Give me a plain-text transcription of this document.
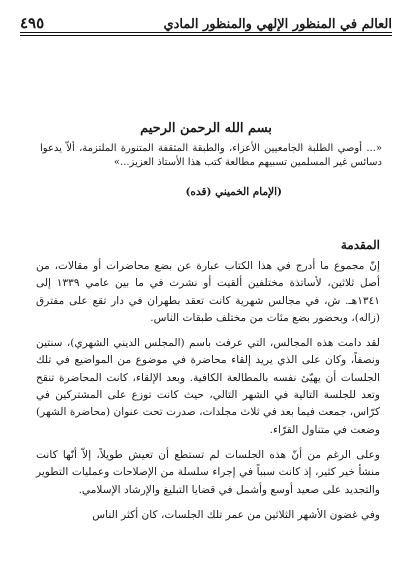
العالم في المنظور الإلهي والمنظور المادي
٤٩٥
بسم الله الرحمن الرحيم
«... أوصي الطلبة الجامعيين الأعزاء، والطبقة المثقفة المتنورة الملتزمة، ألاّ يدعوا دسائس غير المسلمين تسبيهم مطالعة كتب هذا الأستاذ العزيز...»
(الإمام الخميني (قده)
المقدمة

إنّ مجموع ما أدرج في هذا الكتاب عبارة عن بضع محاضرات أو مقالات، من أصل ثلاثين، لأساتذة مختلفين ألقيت أو نشرت في ما بين عامي ١٣٣٩ إلى ١٣٤١هـ. ش، في مجالس شهرية كانت تعقد بطهران في دار تقع على مفترق (زاله)، وبحضور بضع مئات من مختلف طبقات الناس.

لقد دامت هذه المجالس، التي عرفت باسم (المجلس الديني الشهري)، سنتين ونصفاً، وكان على الذي يريد إلقاء محاضرة في موضوع من المواضيع في تلك الجلسات أن يهيّئ نفسه بالمطالعة الكافية. وبعد الإلقاء، كانت المحاضرة تنقح وتعد للجلسة التالية في الشهر التالي، حيث كانت توزع على المشتركين في كرّاس، جمعت فيما بعد في ثلاث مجلدات، صدرت تحت عنوان (محاضرة الشهر) وضعت في متناول القرّاء.

وعلى الرغم من أنّ هذه الجلسات لم تستطع أن تعيش طويلاً، إلاّ أنّها كانت منشأ خير كثير، إذ كانت سبباً في إجراء سلسلة من الإصلاحات وعمليات التطوير والتجديد على صعيد أوسع وأشمل في قضايا التبليغ والإرشاد الإسلامي.

وفي غضون الأشهر الثلاثين من عمر تلك الجلسات، كان أكثر الناس
